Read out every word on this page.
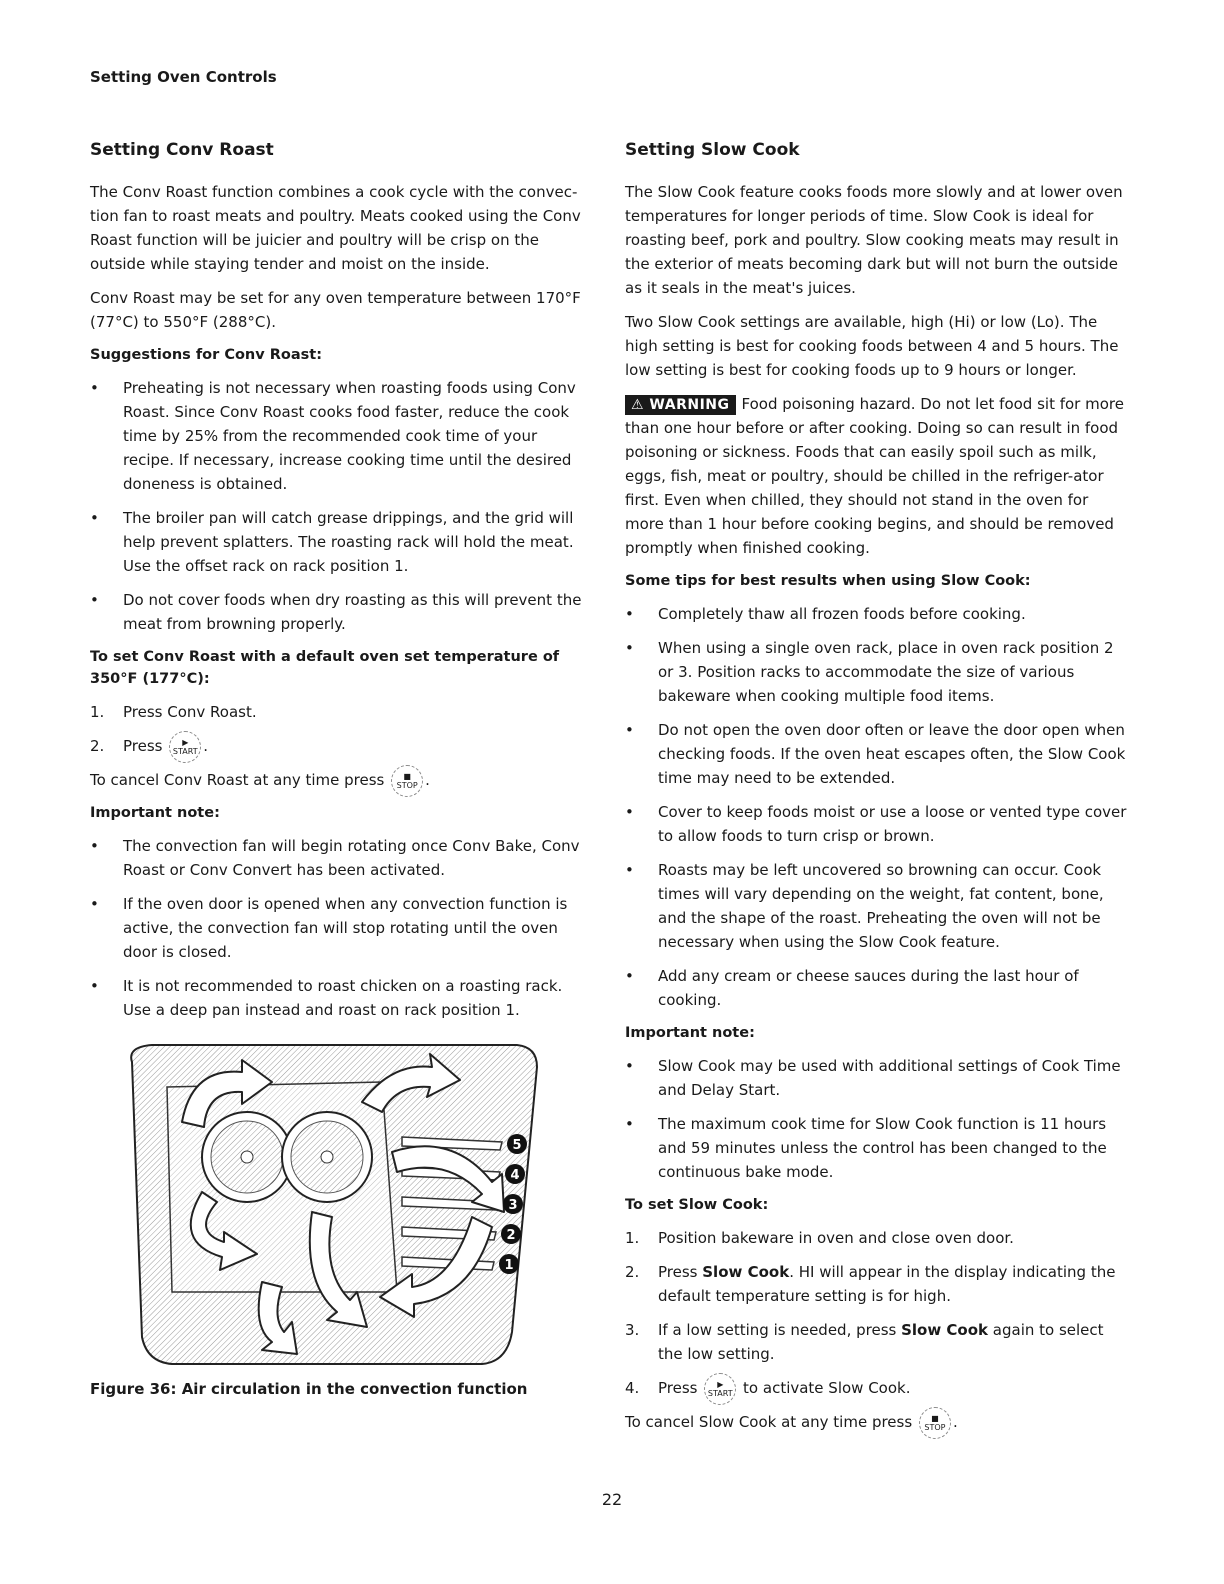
Setting Oven Controls
Setting Conv Roast

The Conv Roast function combines a cook cycle with the convec-tion fan to roast meats and poultry. Meats cooked using the Conv Roast function will be juicier and poultry will be crisp on the outside while staying tender and moist on the inside.

Conv Roast may be set for any oven temperature between 170°F (77°C) to 550°F (288°C).

Suggestions for Conv Roast:
• Preheating is not necessary when roasting foods using Conv Roast. Since Conv Roast cooks food faster, reduce the cook time by 25% from the recommended cook time of your recipe. If necessary, increase cooking time until the desired doneness is obtained.
• The broiler pan will catch grease drippings, and the grid will help prevent splatters. The roasting rack will hold the meat. Use the offset rack on rack position 1.
• Do not cover foods when dry roasting as this will prevent the meat from browning properly.
To set Conv Roast with a default oven set temperature of 350°F (177°C):
1. Press Conv Roast.
2. Press	▶
START .

To cancel Conv Roast at any time press	■
STOP .

Important note:
• The convection fan will begin rotating once Conv Bake, Conv Roast or Conv Convert has been activated.
• If the oven door is opened when any convection function is active, the convection fan will stop rotating until the oven door is closed.
• It is not recommended to roast chicken on a roasting rack. Use a deep pan instead and roast on rack position 1.
5
4
3
2
1
Figure 36: Air circulation in the convection function
Setting Slow Cook

The Slow Cook feature cooks foods more slowly and at lower oven temperatures for longer periods of time. Slow Cook is ideal for roasting beef, pork and poultry. Slow cooking meats may result in the exterior of meats becoming dark but will not burn the outside as it seals in the meat's juices.

Two Slow Cook settings are available, high (Hi) or low (Lo). The high setting is best for cooking foods between 4 and 5 hours. The low setting is best for cooking foods up to 9 hours or longer.

⚠ WARNING Food poisoning hazard. Do not let food sit for more than one hour before or after cooking. Doing so can result in food poisoning or sickness. Foods that can easily spoil such as milk, eggs, fish, meat or poultry, should be chilled in the refriger-ator first. Even when chilled, they should not stand in the oven for more than 1 hour before cooking begins, and should be removed promptly when finished cooking.

Some tips for best results when using Slow Cook:
• Completely thaw all frozen foods before cooking.
• When using a single oven rack, place in oven rack position 2 or 3. Position racks to accommodate the size of various bakeware when cooking multiple food items.
• Do not open the oven door often or leave the door open when checking foods. If the oven heat escapes often, the Slow Cook time may need to be extended.
• Cover to keep foods moist or use a loose or vented type cover to allow foods to turn crisp or brown.
• Roasts may be left uncovered so browning can occur. Cook times will vary depending on the weight, fat content, bone, and the shape of the roast. Preheating the oven will not be necessary when using the Slow Cook feature.
• Add any cream or cheese sauces during the last hour of cooking.
Important note:
• Slow Cook may be used with additional settings of Cook Time and Delay Start.
• The maximum cook time for Slow Cook function is 11 hours and 59 minutes unless the control has been changed to the continuous bake mode.
To set Slow Cook:
1. Position bakeware in oven and close oven door.
2. Press Slow Cook. HI will appear in the display indicating the default temperature setting is for high.
3. If a low setting is needed, press Slow Cook again to select the low setting.
4. Press	▶
START to activate Slow Cook.

To cancel Slow Cook at any time press	■
STOP .

22
